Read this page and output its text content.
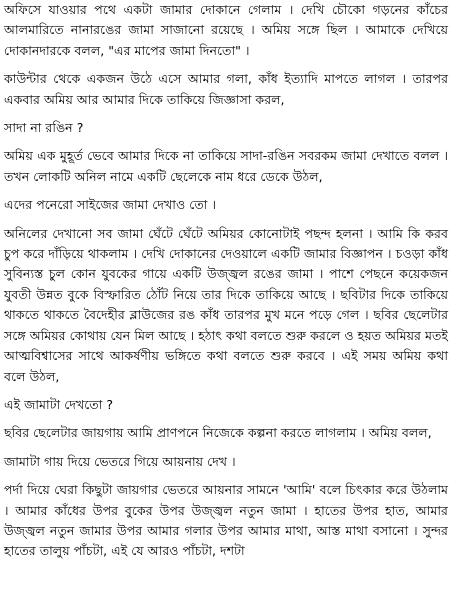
অফিসে যাওয়ার পথে একটা জামার দোকানে গেলাম । দেখি চৌকো গড়নের কাঁচের আলমারিতে নানারঙের জামা সাজানো রয়েছে । অমিয় সঙ্গে ছিল । আমাকে দেখিয়ে দোকানদারকে বলল, "এর মাপের জামা দিনতো" ।

কাউন্টার থেকে একজন উঠে এসে আমার গলা, কাঁধ ইত্যাদি মাপতে লাগল । তারপর একবার অমিয় আর আমার দিকে তাকিয়ে জিজ্ঞাসা করল,

সাদা না রঙিন ?

অমিয় এক মুহূর্ত ভেবে আমার দিকে না তাকিয়ে সাদা-রঙিন সবরকম জামা দেখাতে বলল । তখন লোকটি অনিল নামে একটি ছেলেকে নাম ধরে ডেকে উঠল,

এদের পনেরো সাইজের জামা দেখাও তো ।

অনিলের দেখানো সব জামা ঘেঁটে ঘেঁটে অমিয়র কোনোটাই পছন্দ হলনা । আমি কি করব চুপ করে দাঁড়িয়ে থাকলাম । দেখি দোকানের দেওয়ালে একটি জামার বিজ্ঞাপন । চওড়া কাঁধ সুবিন্যস্ত চুল কোন যুবকের গায়ে একটি উজ্জ্বল রঙের জামা । পাশে পেছনে কয়েকজন যুবতী উন্নত বুকে বিস্ফারিত ঠোঁট নিয়ে তার দিকে তাকিয়ে আছে । ছবিটার দিকে তাকিয়ে থাকতে থাকতে বৈদেহীর ব্লাউজের রঙ কাঁধ তারপর মুখ মনে পড়ে গেল । ছবির ছেলেটার সঙ্গে অমিয়র কোথায় যেন মিল আছে । হঠাৎ কথা বলতে শুরু করলে ও হয়ত অমিয়র মতই আত্মবিশ্বাসের সাথে আকর্ষণীয় ভঙ্গিতে কথা বলতে শুরু করবে । এই সময় অমিয় কথা বলে উঠল,

এই জামাটা দেখতো ?

ছবির ছেলেটার জায়গায় আমি প্রাণপনে নিজেকে কল্পনা করতে লাগলাম । অমিয় বলল,

জামাটা গায় দিয়ে ভেতরে গিয়ে আয়নায় দেখ ।

পর্দা দিয়ে ঘেরা কিছুটা জায়গার ভেতরে আয়নার সামনে 'আমি' বলে চিৎকার করে উঠলাম । আমার কাঁধের উপর বুকের উপর উজ্জ্বল নতুন জামা । হাতের উপর হাত, আমার উজ্জ্বল নতুন জামার উপর আমার গলার উপর আমার মাথা, আস্ত মাথা বসানো । সুন্দর হাতের তালুয় পাঁচটা, এই যে আরও পাঁচটা, দশটা
